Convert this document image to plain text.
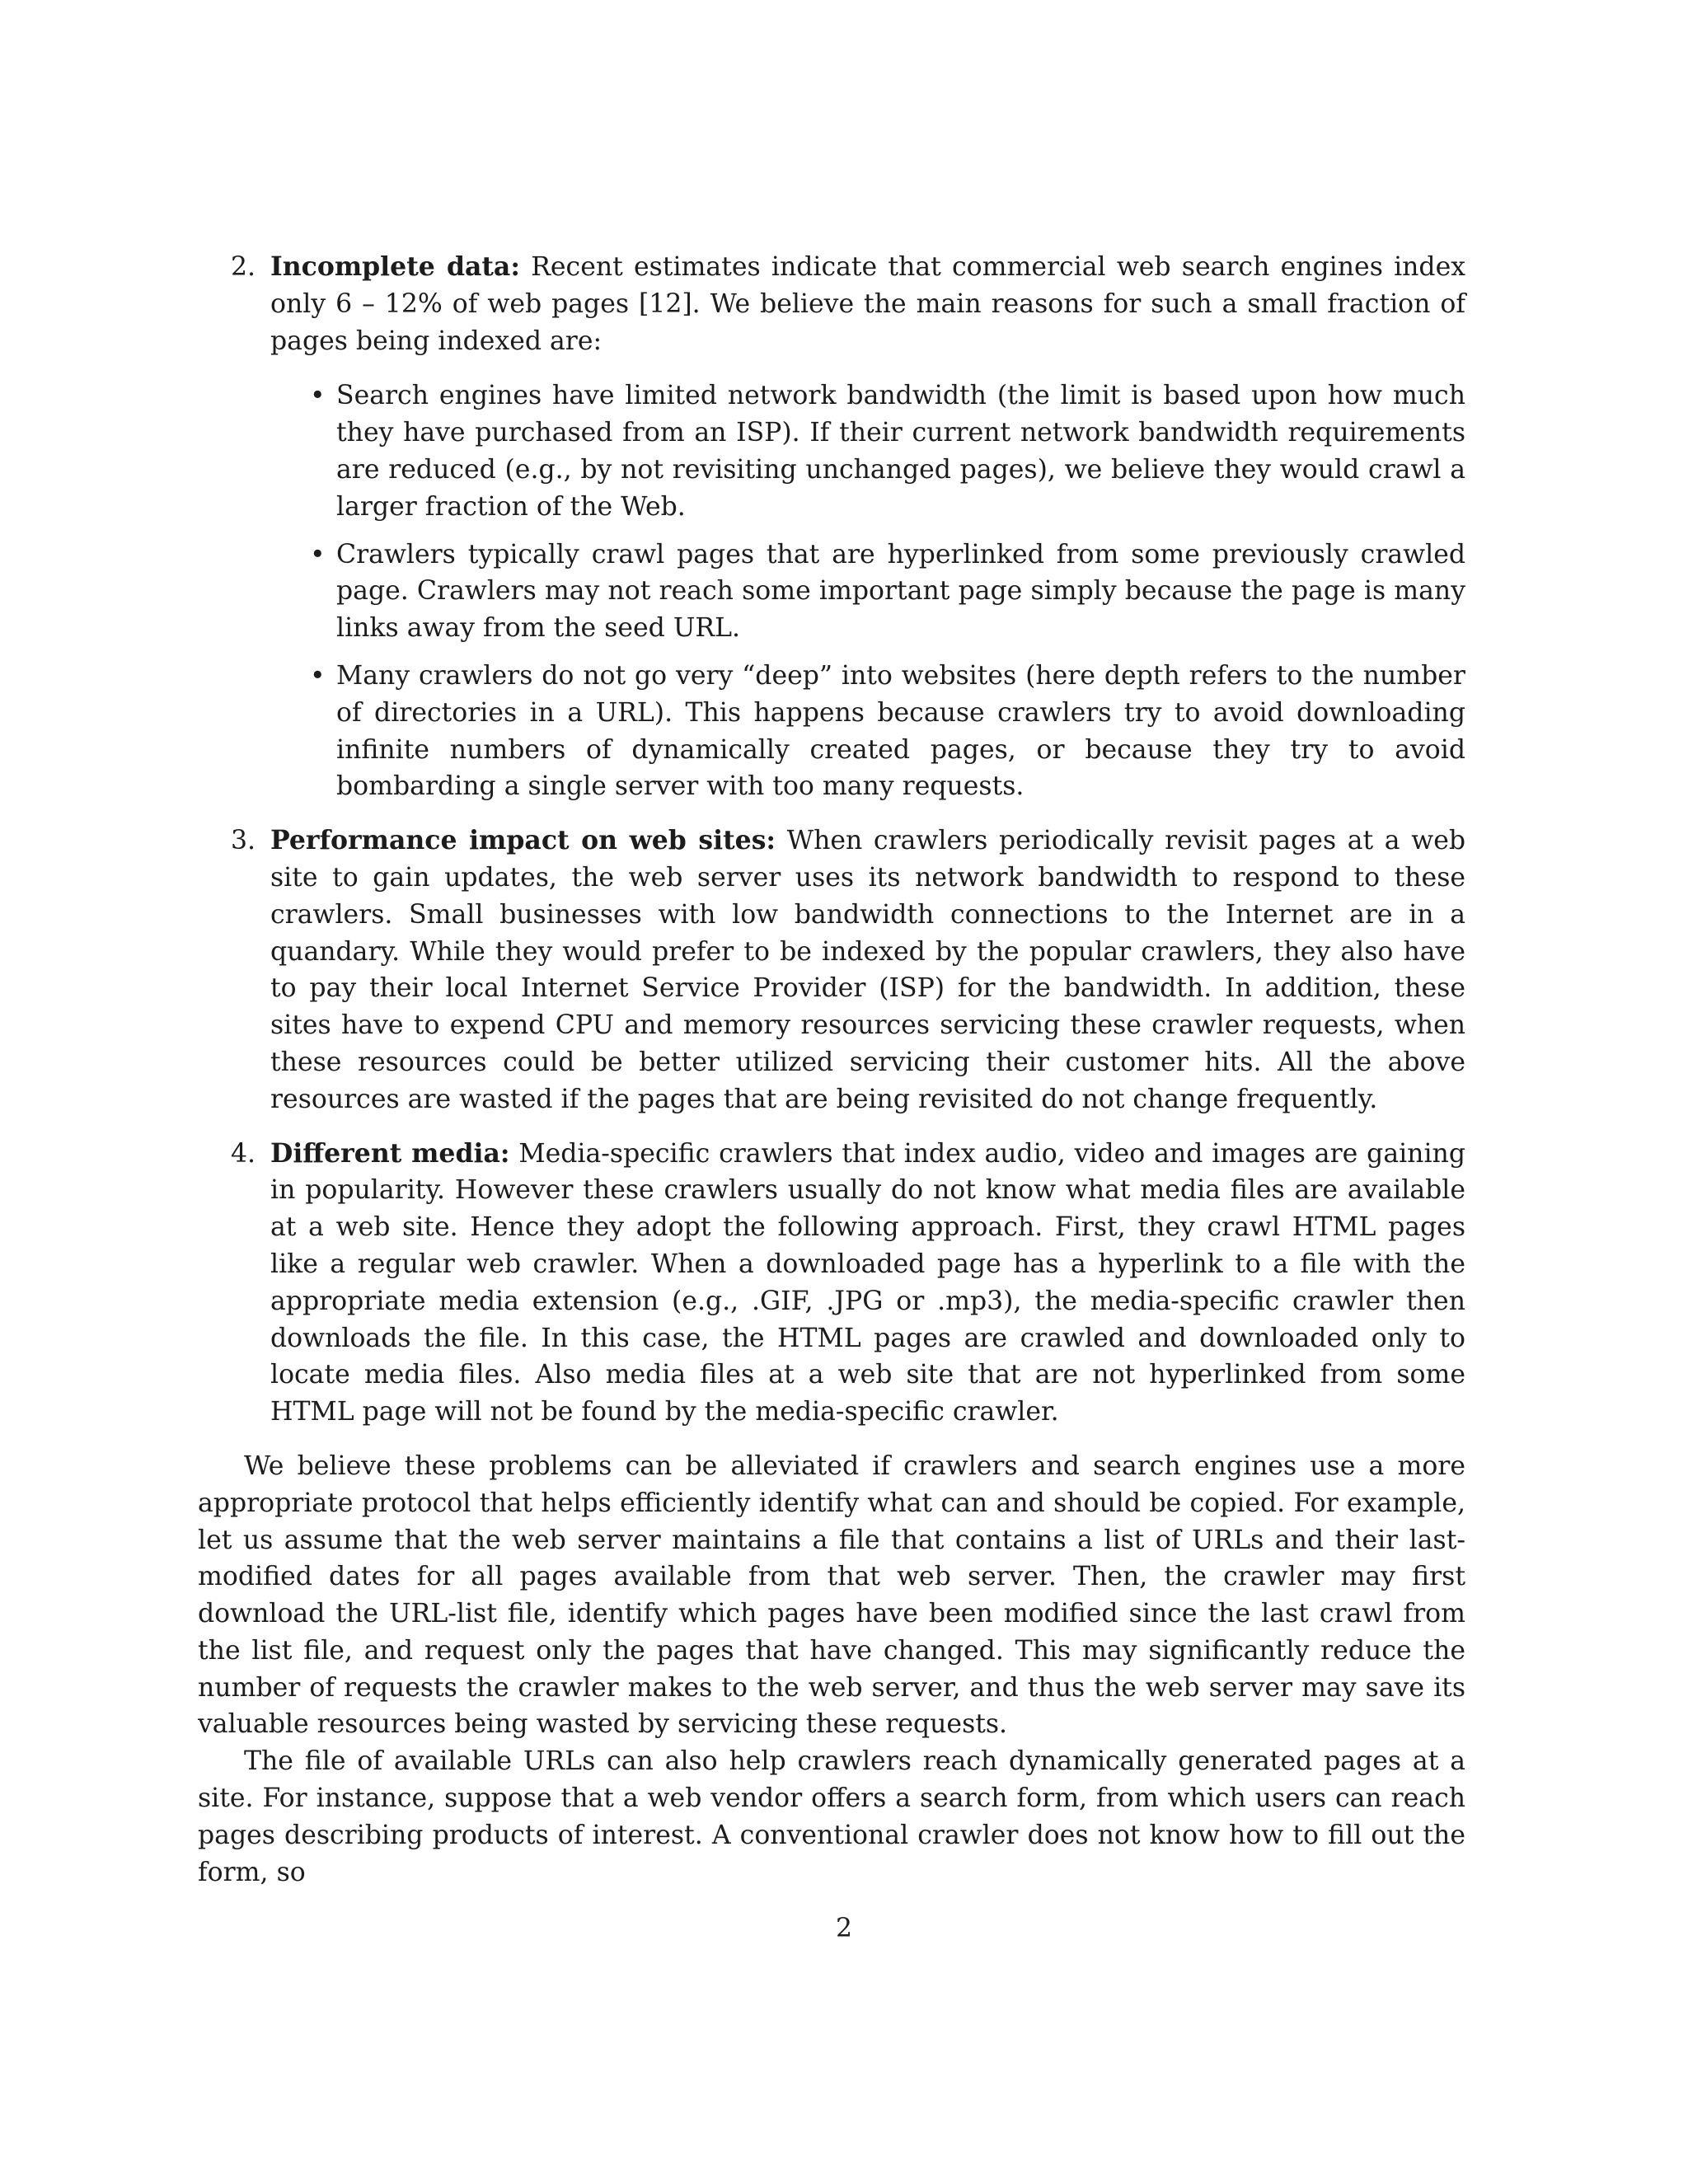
2. Incomplete data: Recent estimates indicate that commercial web search engines index only 6 – 12% of web pages [12]. We believe the main reasons for such a small fraction of pages being indexed are:
• Search engines have limited network bandwidth (the limit is based upon how much they have purchased from an ISP). If their current network bandwidth requirements are reduced (e.g., by not revisiting unchanged pages), we believe they would crawl a larger fraction of the Web.
• Crawlers typically crawl pages that are hyperlinked from some previously crawled page. Crawlers may not reach some important page simply because the page is many links away from the seed URL.
• Many crawlers do not go very “deep” into websites (here depth refers to the number of directories in a URL). This happens because crawlers try to avoid downloading infinite numbers of dynamically created pages, or because they try to avoid bombarding a single server with too many requests.
3. Performance impact on web sites: When crawlers periodically revisit pages at a web site to gain updates, the web server uses its network bandwidth to respond to these crawlers. Small businesses with low bandwidth connections to the Internet are in a quandary. While they would prefer to be indexed by the popular crawlers, they also have to pay their local Internet Service Provider (ISP) for the bandwidth. In addition, these sites have to expend CPU and memory resources servicing these crawler requests, when these resources could be better utilized servicing their customer hits. All the above resources are wasted if the pages that are being revisited do not change frequently.
4. Different media: Media-specific crawlers that index audio, video and images are gaining in popularity. However these crawlers usually do not know what media files are available at a web site. Hence they adopt the following approach. First, they crawl HTML pages like a regular web crawler. When a downloaded page has a hyperlink to a file with the appropriate media extension (e.g., .GIF, .JPG or .mp3), the media-specific crawler then downloads the file. In this case, the HTML pages are crawled and downloaded only to locate media files. Also media files at a web site that are not hyperlinked from some HTML page will not be found by the media-specific crawler.

We believe these problems can be alleviated if crawlers and search engines use a more appropriate protocol that helps efficiently identify what can and should be copied. For example, let us assume that the web server maintains a file that contains a list of URLs and their last-modified dates for all pages available from that web server. Then, the crawler may first download the URL-list file, identify which pages have been modified since the last crawl from the list file, and request only the pages that have changed. This may significantly reduce the number of requests the crawler makes to the web server, and thus the web server may save its valuable resources being wasted by servicing these requests.

The file of available URLs can also help crawlers reach dynamically generated pages at a site. For instance, suppose that a web vendor offers a search form, from which users can reach pages describing products of interest. A conventional crawler does not know how to fill out the form, so

2
